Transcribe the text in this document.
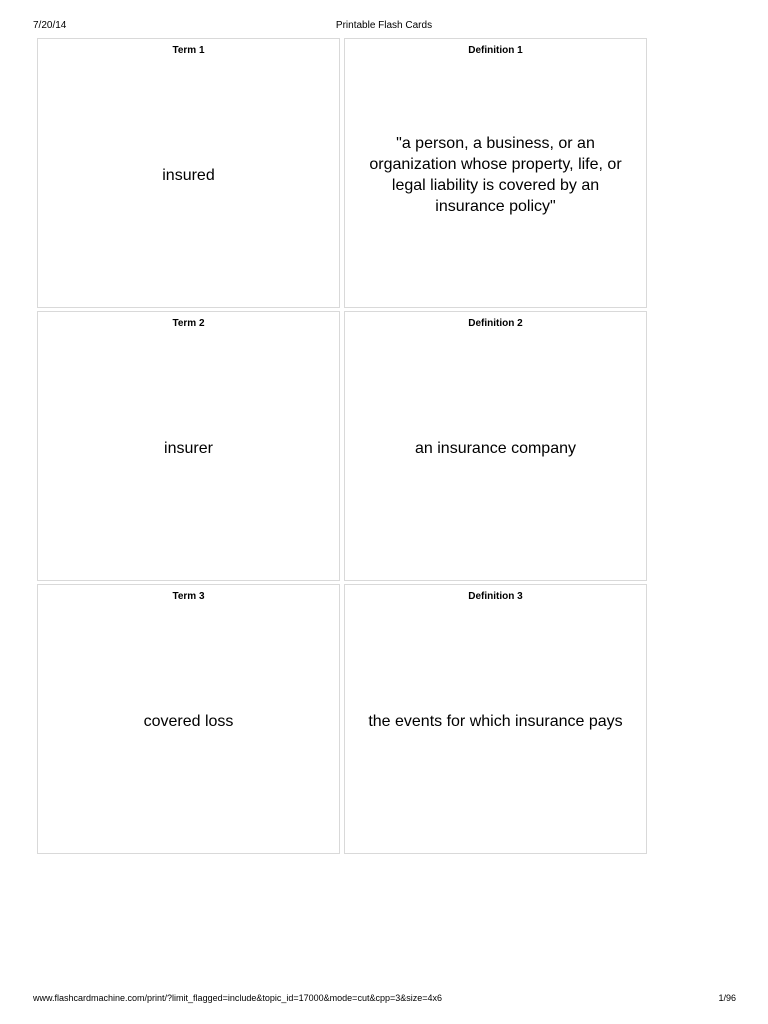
7/20/14	Printable Flash Cards
Term 1
insured
Definition 1
"a person, a business, or an organization whose property, life, or legal liability is covered by an insurance policy"
Term 2
insurer
Definition 2
an insurance company
Term 3
covered loss
Definition 3
the events for which insurance pays
www.flashcardmachine.com/print/?limit_flagged=include&topic_id=17000&mode=cut&cpp=3&size=4x6	1/96
